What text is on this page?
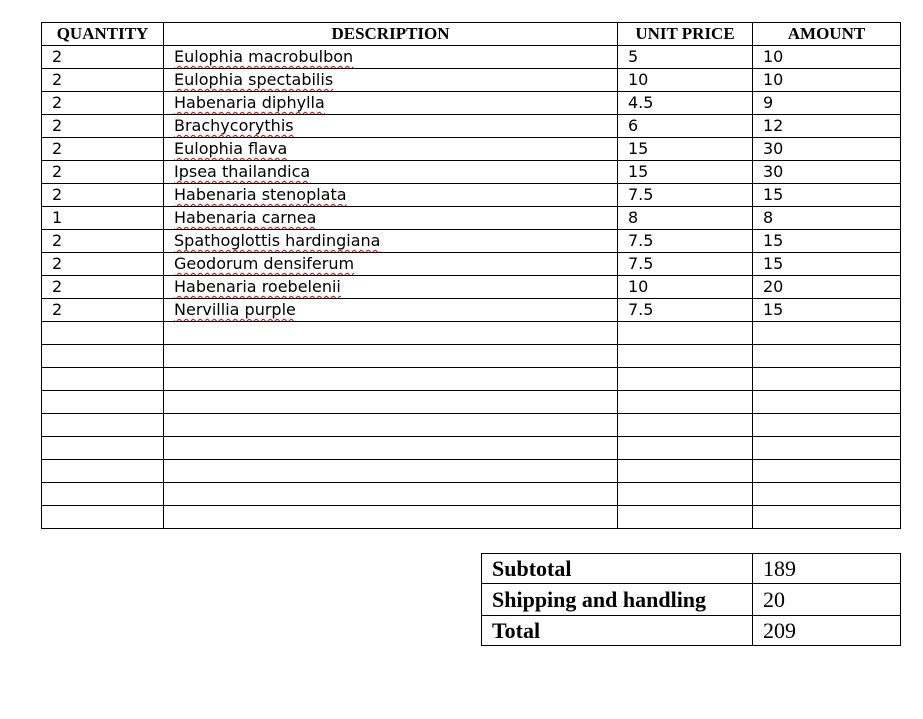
QUANTITY	DESCRIPTION	UNIT PRICE	AMOUNT
2	Eulophia macrobulbon	5	10
2	Eulophia spectabilis	10	10
2	Habenaria diphylla	4.5	9
2	Brachycorythis	6	12
2	Eulophia flava	15	30
2	Ipsea thailandica	15	30
2	Habenaria stenoplata	7.5	15
1	Habenaria carnea	8	8
2	Spathoglottis hardingiana	7.5	15
2	Geodorum densiferum	7.5	15
2	Habenaria roebelenii	10	20
2	Nervillia purple	7.5	15

Subtotal	189
Shipping and handling	20
Total	209
